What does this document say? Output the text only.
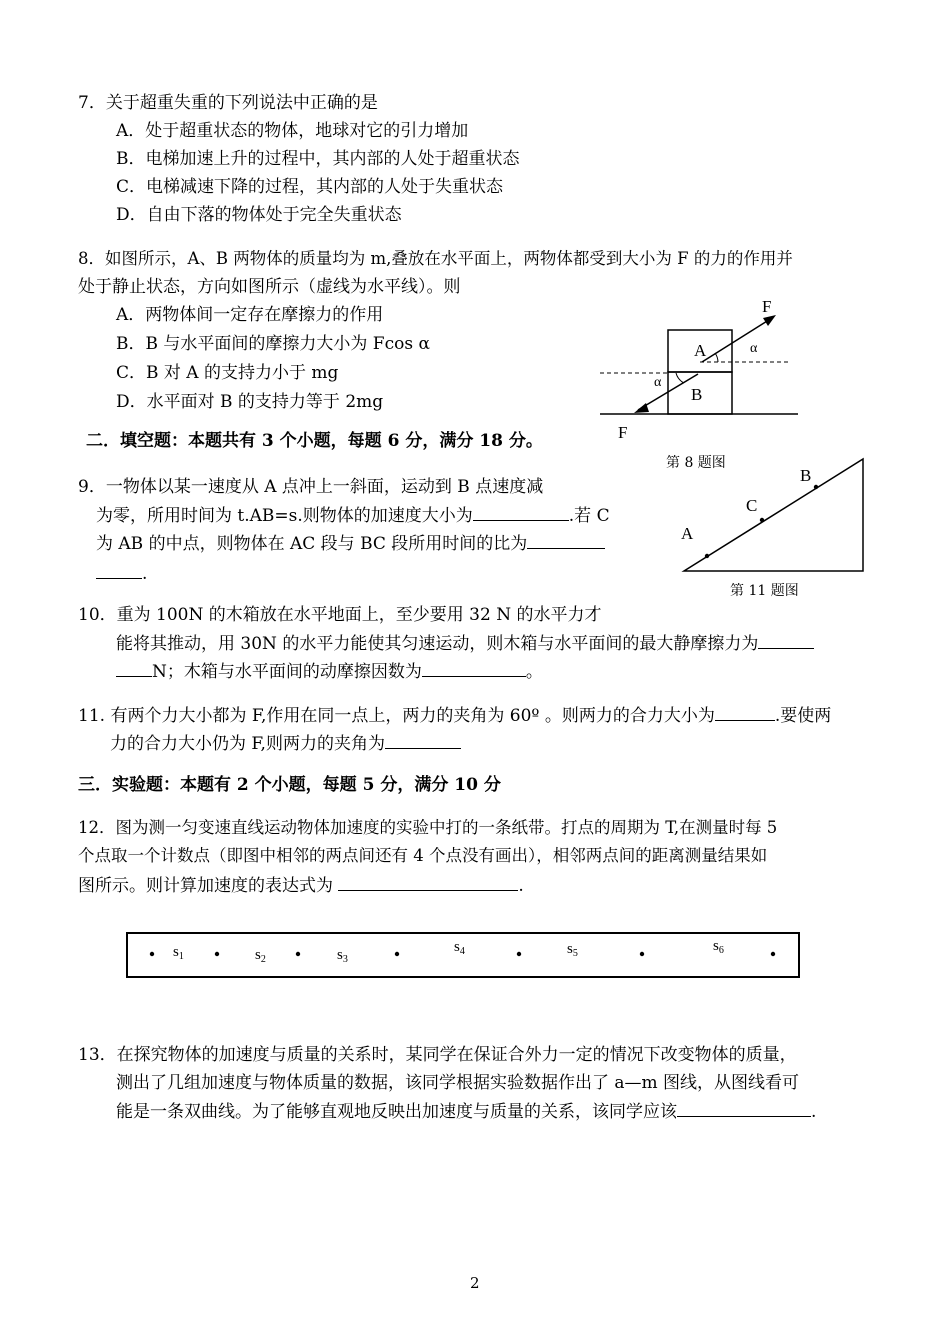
7．关于超重失重的下列说法中正确的是
A．处于超重状态的物体，地球对它的引力增加
B．电梯加速上升的过程中，其内部的人处于超重状态
C．电梯减速下降的过程，其内部的人处于失重状态
D．自由下落的物体处于完全失重状态
8．如图所示，A、B 两物体的质量均为 m,叠放在水平面上，两物体都受到大小为 F 的力的作用并
处于静止状态，方向如图所示（虚线为水平线）。则
A．两物体间一定存在摩擦力的作用
B．B 与水平面间的摩擦力大小为 Fcos α
C．B 对 A 的支持力小于 mg
D．水平面对 B 的支持力等于 2mg
F
A	α
α
B
F
第 8 题图
二．填空题：本题共有 3 个小题，每题 6 分，满分 18 分。
9．一物体以某一速度从 A 点冲上一斜面，运动到 B 点速度减
为零，所用时间为 t.AB=s.则物体的加速度大小为	.若 C
为 AB 的中点，则物体在 AC 段与 BC 段所用时间的比为
.
A
C
B
第 11 题图
10．重为 100N 的木箱放在水平地面上，至少要用 32 N 的水平力才
能将其推动，用 30N 的水平力能使其匀速运动，则木箱与水平面间的最大静摩擦力为
N；木箱与水平面间的动摩擦因数为	。
11. 有两个力大小都为 F,作用在同一点上，两力的夹角为 60º 。则两力的合力大小为	.要使两
力的合力大小仍为 F,则两力的夹角为
三．实验题：本题有 2 个小题，每题 5 分，满分 10 分
12．图为测一匀变速直线运动物体加速度的实验中打的一条纸带。打点的周期为 T,在测量时每 5
个点取一个计数点（即图中相邻的两点间还有 4 个点没有画出），相邻两点间的距离测量结果如
图所示。则计算加速度的表达式为	.
$s_1$	$s_2$	$s_3$
$s_4$	$s_5$	$s_6$
13．在探究物体的加速度与质量的关系时，某同学在保证合外力一定的情况下改变物体的质量，
测出了几组加速度与物体质量的数据，该同学根据实验数据作出了 a—m 图线，从图线看可
能是一条双曲线。为了能够直观地反映出加速度与质量的关系，该同学应该	.
2
